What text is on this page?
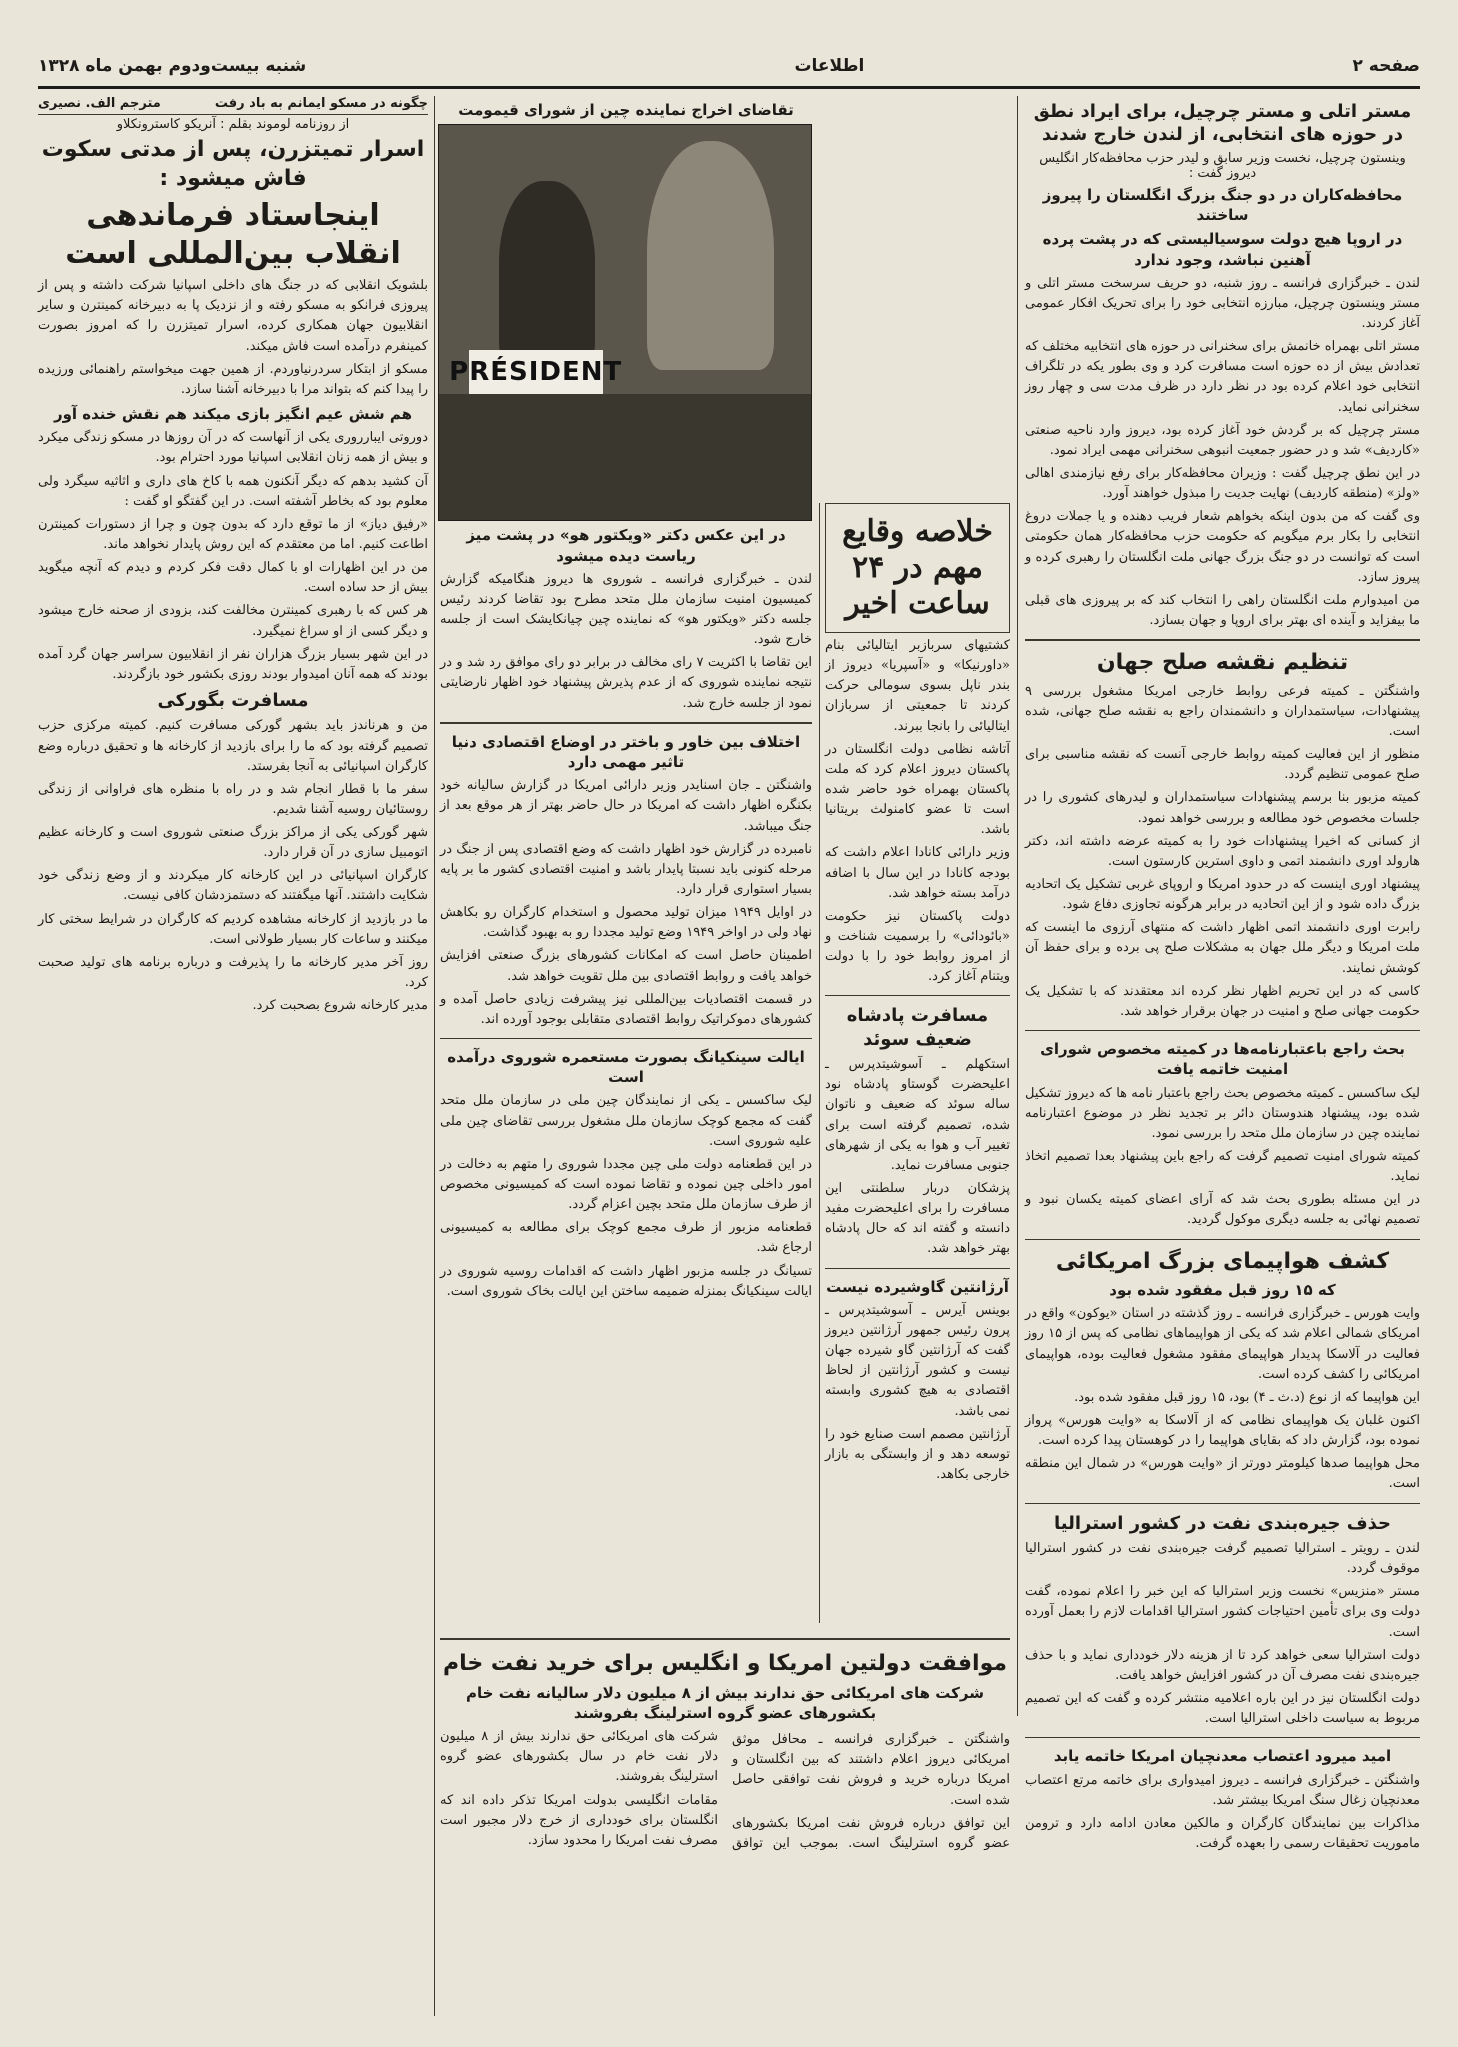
صفحه ۲
اطلاعات
شنبه بیست‌ودوم بهمن ماه ۱۳۲۸
مستر اتلی و مستر چرچیل، برای ایراد نطق در حوزه های انتخابی، از لندن خارج شدند
وینستون چرچیل، نخست وزیر سابق و لیدر حزب محافظه‌کار انگلیس دیروز گفت :
محافظه‌کاران در دو جنگ بزرگ انگلستان را پیروز ساختند
در اروپا هیچ دولت سوسیالیستی که در پشت پرده آهنین نباشد، وجود ندارد

لندن ـ خبرگزاری فرانسه ـ روز شنبه، دو حریف سرسخت مستر اتلی و مستر وینستون چرچیل، مبارزه انتخابی خود را برای تحریک افکار عمومی آغاز کردند.

مستر اتلی بهمراه خانمش برای سخنرانی در حوزه های انتخابیه مختلف که تعدادش بیش از ده حوزه است مسافرت کرد و وی بطور یکه در تلگراف انتخابی خود اعلام کرده بود در نظر دارد در ظرف مدت سی و چهار روز سخنرانی نماید.

مستر چرچیل که بر گردش خود آغاز کرده بود، دیروز وارد ناحیه صنعتی «کاردیف» شد و در حضور جمعیت انبوهی سخنرانی مهمی ایراد نمود.

در این نطق چرچیل گفت : وزیران محافظه‌کار برای رفع نیازمندی اهالی «ولز» (منطقه کاردیف) نهایت جدیت را مبذول خواهند آورد.

وی گفت که من بدون اینکه بخواهم شعار فریب دهنده و یا جملات دروغ انتخابی را بکار برم میگویم که حکومت حزب محافظه‌کار همان حکومتی است که توانست در دو جنگ بزرگ جهانی ملت انگلستان را رهبری کرده و پیروز سازد.

من امیدوارم ملت انگلستان راهی را انتخاب کند که بر پیروزی های قبلی ما بیفزاید و آینده ای بهتر برای اروپا و جهان بسازد.

تنظیم نقشه صلح جهان

واشنگتن ـ کمیته فرعی روابط خارجی امریکا مشغول بررسی ۹ پیشنهادات، سیاستمداران و دانشمندان راجع به نقشه صلح جهانی، شده است.

منظور از این فعالیت کمیته روابط خارجی آنست که نقشه مناسبی برای صلح عمومی تنظیم گردد.

کمیته مزبور بنا برسم پیشنهادات سیاستمداران و لیدرهای کشوری را در جلسات مخصوص خود مطالعه و بررسی خواهد نمود.

از کسانی که اخیرا پیشنهادات خود را به کمیته عرضه داشته اند، دکتر هارولد اوری دانشمند اتمی و داوی استرین کارستون است.

پیشنهاد اوری اینست که در حدود امریکا و اروپای غربی تشکیل یک اتحادیه بزرگ داده شود و از این اتحادیه در برابر هرگونه تجاوزی دفاع شود.

رابرت اوری دانشمند اتمی اظهار داشت که منتهای آرزوی ما اینست که ملت امریکا و دیگر ملل جهان به مشکلات صلح پی برده و برای حفظ آن کوشش نمایند.

کاسی که در این تحریم اظهار نظر کرده اند معتقدند که با تشکیل یک حکومت جهانی صلح و امنیت در جهان برقرار خواهد شد.

بحث راجع باعتبارنامه‌ها در کمیته مخصوص شورای امنیت خاتمه یافت

لیک ساکسس ـ کمیته مخصوص بحث راجع باعتبار نامه ها که دیروز تشکیل شده بود، پیشنهاد هندوستان دائر بر تجدید نظر در موضوع اعتبارنامه نماینده چین در سازمان ملل متحد را بررسی نمود.

کمیته شورای امنیت تصمیم گرفت که راجع باین پیشنهاد بعدا تصمیم اتخاذ نماید.

در این مسئله بطوری بحث شد که آرای اعضای کمیته یکسان نبود و تصمیم نهائی به جلسه دیگری موکول گردید.

کشف هواپیمای بزرگ امریکائی
که ۱۵ روز قبل مفقود شده بود

وایت هورس ـ خبرگزاری فرانسه ـ روز گذشته در استان «یوکون» واقع در امریکای شمالی اعلام شد که یکی از هواپیماهای نظامی که پس از ۱۵ روز فعالیت در آلاسکا پدیدار هواپیمای مفقود مشغول فعالیت بوده، هواپیمای امریکائی را کشف کرده است.

این هواپیما که از نوع (د.ث ـ ۴) بود، ۱۵ روز قبل مفقود شده بود.

اکنون غلبان یک هواپیمای نظامی که از آلاسکا به «وایت هورس» پرواز نموده بود، گزارش داد که بقایای هواپیما را در کوهستان پیدا کرده است.

محل هواپیما صدها کیلومتر دورتر از «وایت هورس» در شمال این منطقه است.

حذف جیره‌بندی نفت در کشور استرالیا

لندن ـ رویتر ـ استرالیا تصمیم گرفت جیره‌بندی نفت در کشور استرالیا موقوف گردد.

مستر «منزیس» نخست وزیر استرالیا که این خبر را اعلام نموده، گفت دولت وی برای تأمین احتیاجات کشور استرالیا اقدامات لازم را بعمل آورده است.

دولت استرالیا سعی خواهد کرد تا از هزینه دلار خودداری نماید و با حذف جیره‌بندی نفت مصرف آن در کشور افزایش خواهد یافت.

دولت انگلستان نیز در این باره اعلامیه منتشر کرده و گفت که این تصمیم مربوط به سیاست داخلی استرالیا است.

امید میرود اعتصاب معدنچیان امریکا خاتمه یابد

واشنگتن ـ خبرگزاری فرانسه ـ دیروز امیدواری برای خاتمه مرتع اعتصاب معدنچیان زغال سنگ امریکا بیشتر شد.

مذاکرات بین نمایندگان کارگران و مالکین معادن ادامه دارد و ترومن ماموریت تحقیقات رسمی را بعهده گرفت.

خلاصه وقایع مهم در ۲۴ ساعت اخیر

کشتیهای سربازبر ایتالیائی بنام «داورنیکا» و «آسپریا» دیروز از بندر ناپل بسوی سومالی حرکت کردند تا جمعیتی از سربازان ایتالیائی را بانجا ببرند.

آتاشه نظامی دولت انگلستان در پاکستان دیروز اعلام کرد که ملت پاکستان بهمراه خود حاضر شده است تا عضو کامنولث بریتانیا باشد.

وزیر دارائی کانادا اعلام داشت که بودجه کانادا در این سال با اضافه درآمد بسته خواهد شد.

دولت پاکستان نیز حکومت «بائودائی» را برسمیت شناخت و از امروز روابط خود را با دولت ویتنام آغاز کرد.

مسافرت پادشاه ضعیف سوئد

استکهلم ـ آسوشیتدپرس ـ اعلیحضرت گوستاو پادشاه نود ساله سوئد که ضعیف و ناتوان شده، تصمیم گرفته است برای تغییر آب و هوا به یکی از شهرهای جنوبی مسافرت نماید.

پزشکان دربار سلطنتی این مسافرت را برای اعلیحضرت مفید دانسته و گفته اند که حال پادشاه بهتر خواهد شد.

آرژانتین گاوشیرده نیست

بوینس آیرس ـ آسوشیتدپرس ـ پرون رئیس جمهور آرژانتین دیروز گفت که آرژانتین گاو شیرده جهان نیست و کشور آرژانتین از لحاظ اقتصادی به هیچ کشوری وابسته نمی باشد.

آرژانتین مصمم است صنایع خود را توسعه دهد و از وابستگی به بازار خارجی بکاهد.

تقاضای اخراج نماینده چین از شورای قیمومت
PRÉSIDENT
در این عکس دکتر «ویکتور هو» در پشت میز ریاست دیده میشود

لندن ـ خبرگزاری فرانسه ـ شوروی ها دیروز هنگامیکه گزارش کمیسیون امنیت سازمان ملل متحد مطرح بود تقاضا کردند رئیس جلسه دکتر «ویکتور هو» که نماینده چین چیانکایشک است از جلسه خارج شود.

این تقاضا با اکثریت ۷ رای مخالف در برابر دو رای موافق رد شد و در نتیجه نماینده شوروی که از عدم پذیرش پیشنهاد خود اظهار نارضایتی نمود از جلسه خارج شد.

اختلاف بین خاور و باختر در اوضاع اقتصادی دنیا تاثیر مهمی دارد

واشنگتن ـ جان اسنایدر وزیر دارائی امریکا در گزارش سالیانه خود بکنگره اظهار داشت که امریکا در حال حاضر بهتر از هر موقع بعد از جنگ میباشد.

نامبرده در گزارش خود اظهار داشت که وضع اقتصادی پس از جنگ در مرحله کنونی باید نسبتا پایدار باشد و امنیت اقتصادی کشور ما بر پایه بسیار استواری قرار دارد.

در اوایل ۱۹۴۹ میزان تولید محصول و استخدام کارگران رو بکاهش نهاد ولی در اواخر ۱۹۴۹ وضع تولید مجددا رو به بهبود گذاشت.

اطمینان حاصل است که امکانات کشورهای بزرگ صنعتی افزایش خواهد یافت و روابط اقتصادی بین ملل تقویت خواهد شد.

در قسمت اقتصادیات بین‌المللی نیز پیشرفت زیادی حاصل آمده و کشورهای دموکراتیک روابط اقتصادی متقابلی بوجود آورده اند.

ایالت سینکیانگ بصورت مستعمره شوروی درآمده است

لیک ساکسس ـ یکی از نمایندگان چین ملی در سازمان ملل متحد گفت که مجمع کوچک سازمان ملل مشغول بررسی تقاضای چین ملی علیه شوروی است.

در این قطعنامه دولت ملی چین مجددا شوروی را متهم به دخالت در امور داخلی چین نموده و تقاضا نموده است که کمیسیونی مخصوص از طرف سازمان ملل متحد بچین اعزام گردد.

قطعنامه مزبور از طرف مجمع کوچک برای مطالعه به کمیسیونی ارجاع شد.

تسیانگ در جلسه مزبور اظهار داشت که اقدامات روسیه شوروی در ایالت سینکیانگ بمنزله ضمیمه ساختن این ایالت بخاک شوروی است.

موافقت دولتین امریکا و انگلیس برای خرید نفت خام
شرکت های امریکائی حق ندارند بیش از ۸ میلیون دلار سالیانه نفت خام بکشورهای عضو گروه استرلینگ بفروشند

واشنگتن ـ خبرگزاری فرانسه ـ محافل موثق امریکائی دیروز اعلام داشتند که بین انگلستان و امریکا درباره خرید و فروش نفت توافقی حاصل شده است.

این توافق درباره فروش نفت امریکا بکشورهای عضو گروه استرلینگ است. بموجب این توافق شرکت های امریکائی حق ندارند بیش از ۸ میلیون دلار نفت خام در سال بکشورهای عضو گروه استرلینگ بفروشند.

مقامات انگلیسی بدولت امریکا تذکر داده اند که انگلستان برای خودداری از خرج دلار مجبور است مصرف نفت امریکا را محدود سازد.

چگونه در مسکو ایمانم به باد رفت
مترجم الف. نصیری
از روزنامه لوموند بقلم : آنریکو کاسترونکلاو
اسرار تمیتزرن، پس از مدتی سکوت فاش میشود :
اینجاستاد فرماندهی انقلاب بین‌المللی است

بلشویک انقلابی که در جنگ های داخلی اسپانیا شرکت داشته و پس از پیروزی فرانکو به مسکو رفته و از نزدیک پا به دبیرخانه کمینترن و سایر انقلابیون جهان همکاری کرده، اسرار تمیتزرن را که امروز بصورت کمینفرم درآمده است فاش میکند.

مسکو از ابتکار سردرنیاوردم. از همین جهت میخواستم راهنمائی ورزیده را پیدا کنم که بتواند مرا با دبیرخانه آشنا سازد.

هم شش عیم انگیز بازی میکند هم نقش خنده آور

دوروتی ایبارروری یکی از آنهاست که در آن روزها در مسکو زندگی میکرد و بیش از همه زنان انقلابی اسپانیا مورد احترام بود.

آن کشید بدهم که دیگر آنکنون همه با کاخ های داری و اثاثیه سیگرد ولی معلوم بود که بخاطر آشفته است. در این گفتگو او گفت :

«رفیق دیاز» از ما توقع دارد که بدون چون و چرا از دستورات کمینترن اطاعت کنیم. اما من معتقدم که این روش پایدار نخواهد ماند.

من در این اظهارات او با کمال دقت فکر کردم و دیدم که آنچه میگوید بیش از حد ساده است.

هر کس که با رهبری کمینترن مخالفت کند، بزودی از صحنه خارج میشود و دیگر کسی از او سراغ نمیگیرد.

در این شهر بسیار بزرگ هزاران نفر از انقلابیون سراسر جهان گرد آمده بودند که همه آنان امیدوار بودند روزی بکشور خود بازگردند.

مسافرت بگورکی

من و هرناندز باید بشهر گورکی مسافرت کنیم. کمیته مرکزی حزب تصمیم گرفته بود که ما را برای بازدید از کارخانه ها و تحقیق درباره وضع کارگران اسپانیائی به آنجا بفرستد.

سفر ما با قطار انجام شد و در راه با منظره های فراوانی از زندگی روستائیان روسیه آشنا شدیم.

شهر گورکی یکی از مراکز بزرگ صنعتی شوروی است و کارخانه عظیم اتومبیل سازی در آن قرار دارد.

کارگران اسپانیائی در این کارخانه کار میکردند و از وضع زندگی خود شکایت داشتند. آنها میگفتند که دستمزدشان کافی نیست.

ما در بازدید از کارخانه مشاهده کردیم که کارگران در شرایط سختی کار میکنند و ساعات کار بسیار طولانی است.

روز آخر مدیر کارخانه ما را پذیرفت و درباره برنامه های تولید صحبت کرد.

مدیر کارخانه شروع بصحبت کرد.
